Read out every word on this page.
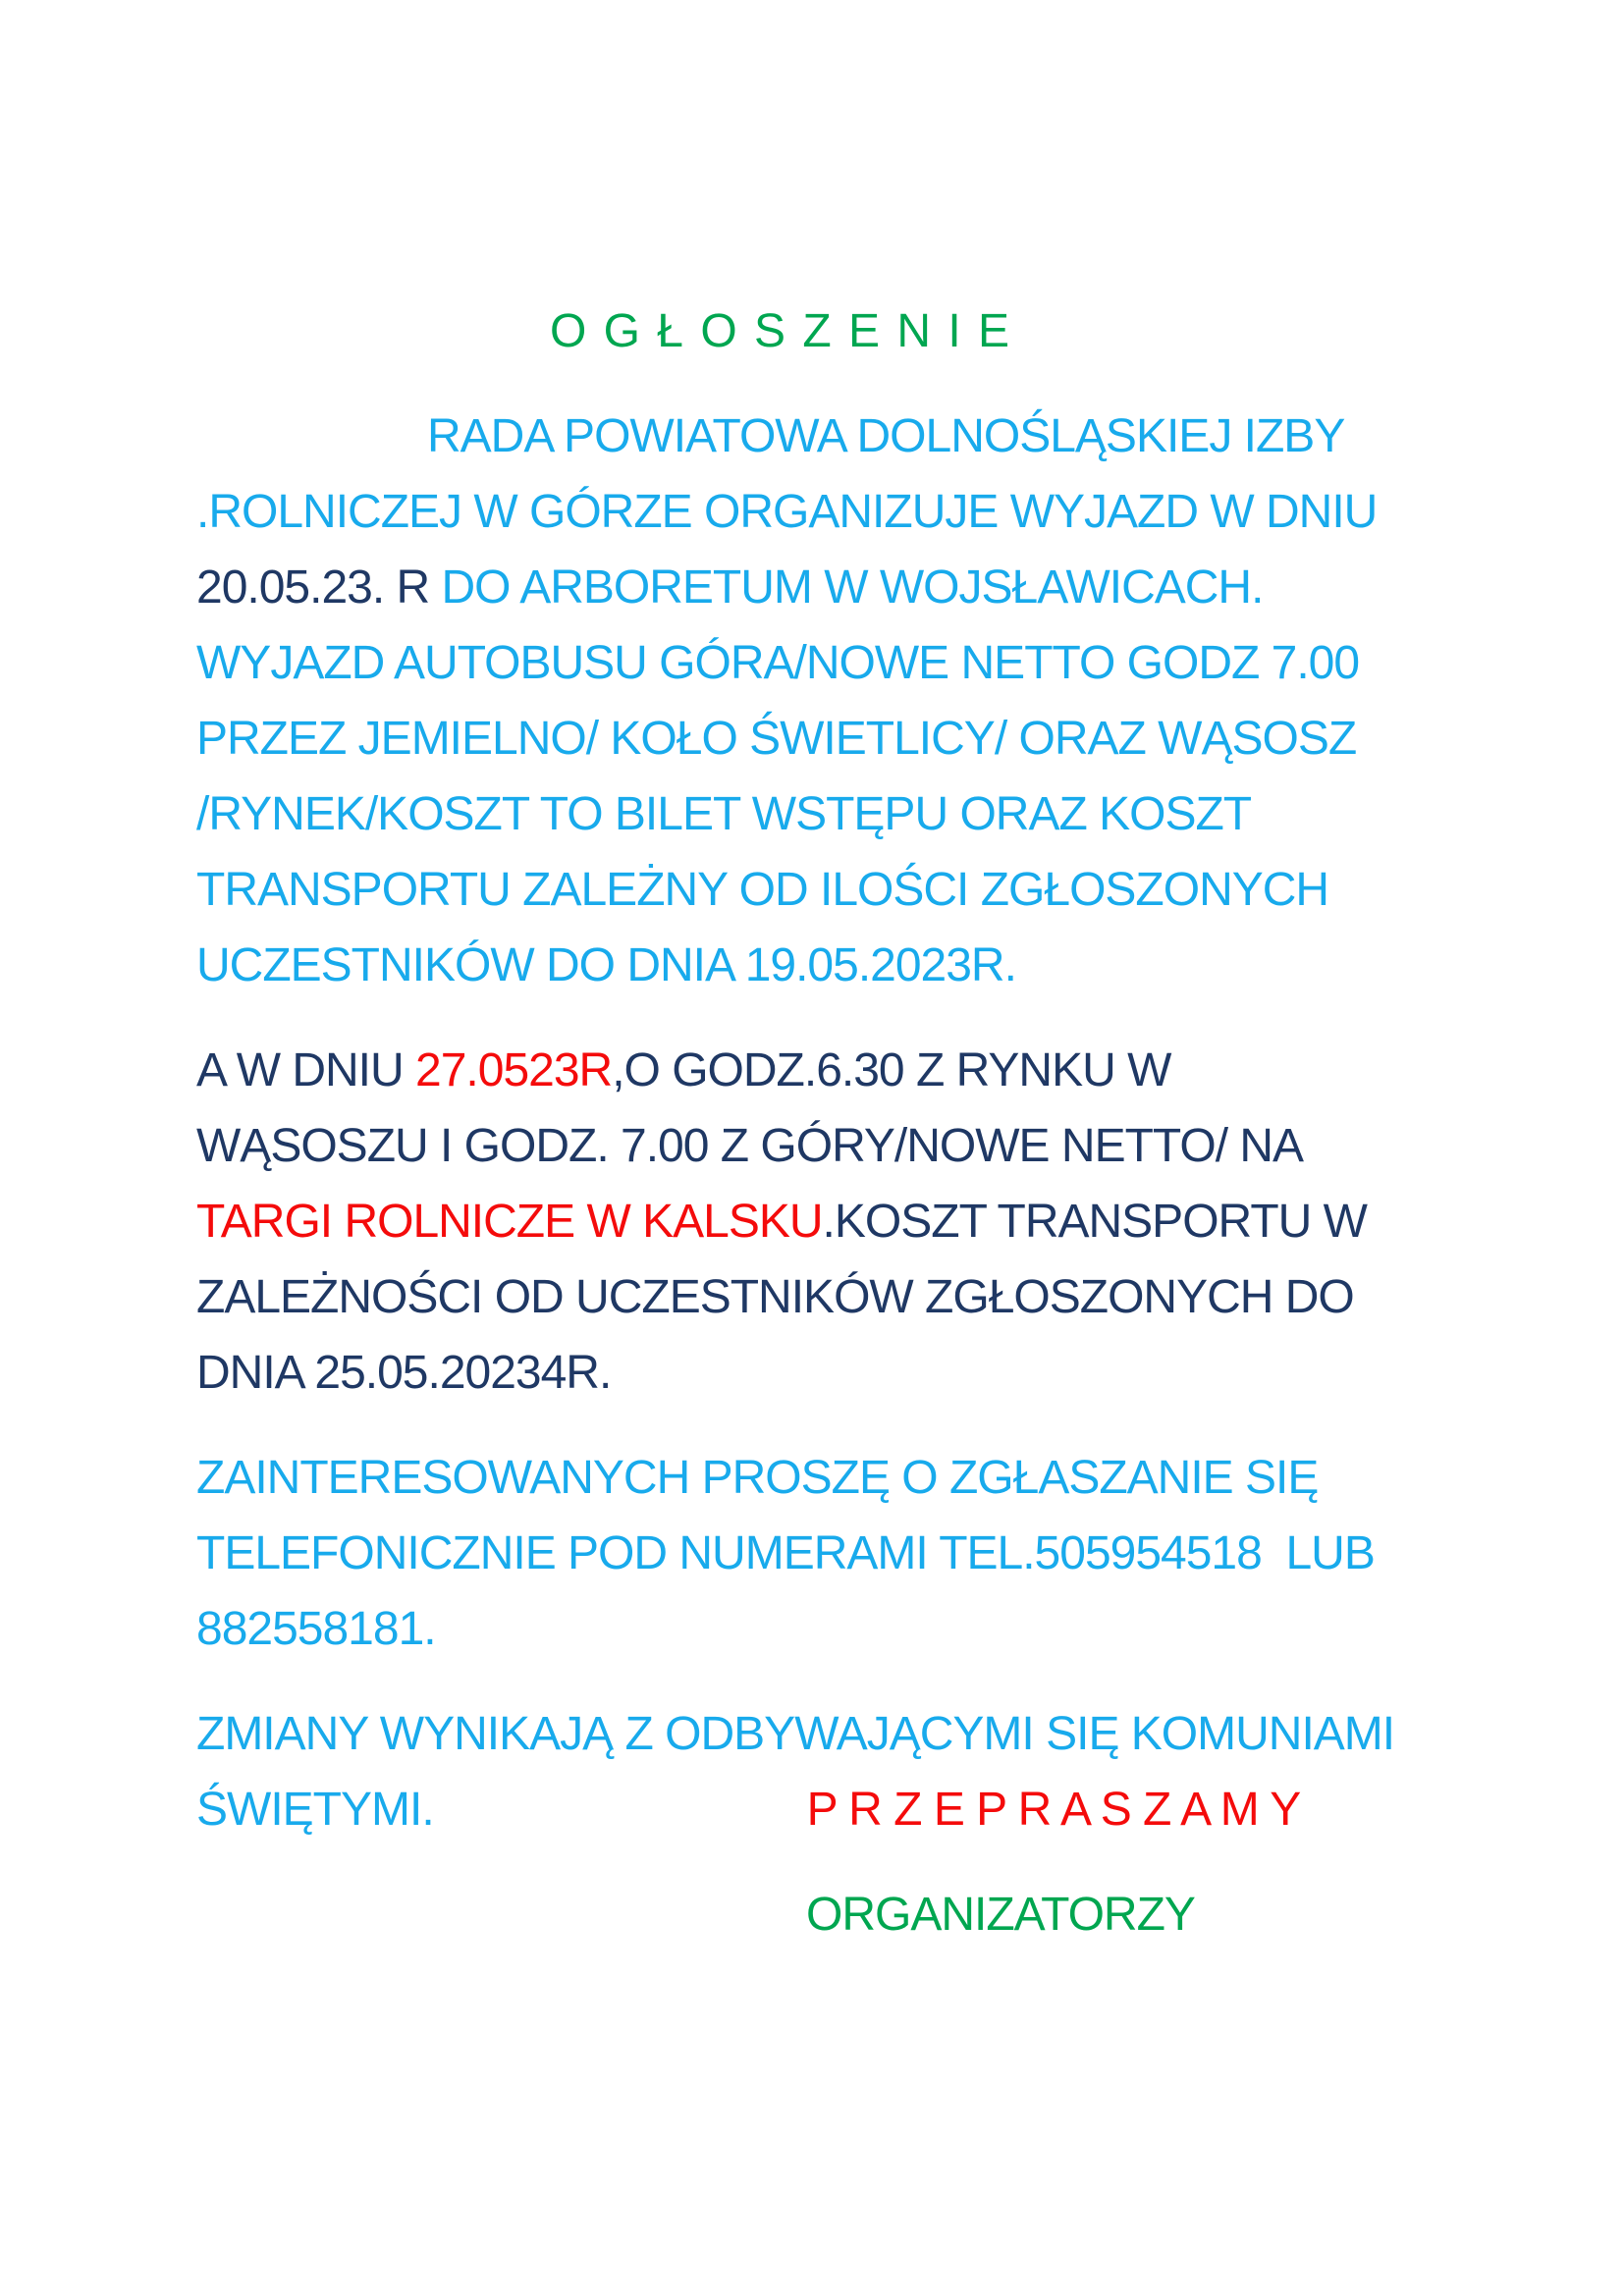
O G Ł O S Z E N I E
RADA POWIATOWA DOLNOŚLĄSKIEJ IZBY
.ROLNICZEJ W GÓRZE ORGANIZUJE WYJAZD W DNIU
20.05.23. R DO ARBORETUM W WOJSŁAWICACH.
WYJAZD AUTOBUSU GÓRA/NOWE NETTO GODZ 7.00
PRZEZ JEMIELNO/ KOŁO ŚWIETLICY/ ORAZ WĄSOSZ
/RYNEK/KOSZT TO BILET WSTĘPU ORAZ KOSZT
TRANSPORTU ZALEŻNY OD ILOŚCI ZGŁOSZONYCH
UCZESTNIKÓW DO DNIA 19.05.2023R.
A W DNIU 27.0523R,O GODZ.6.30 Z RYNKU W
WĄSOSZU I GODZ. 7.00 Z GÓRY/NOWE NETTO/ NA
TARGI ROLNICZE W KALSKU.KOSZT TRANSPORTU W
ZALEŻNOŚCI OD UCZESTNIKÓW ZGŁOSZONYCH DO
DNIA 25.05.20234R.
ZAINTERESOWANYCH PROSZĘ O ZGŁASZANIE SIĘ
TELEFONICZNIE POD NUMERAMI TEL.505954518  LUB
882558181.
ZMIANY WYNIKAJĄ Z ODBYWAJĄCYMI SIĘ KOMUNIAMI
ŚWIĘTYMI.	P R Z E P R A S Z A M Y
ORGANIZATORZY
